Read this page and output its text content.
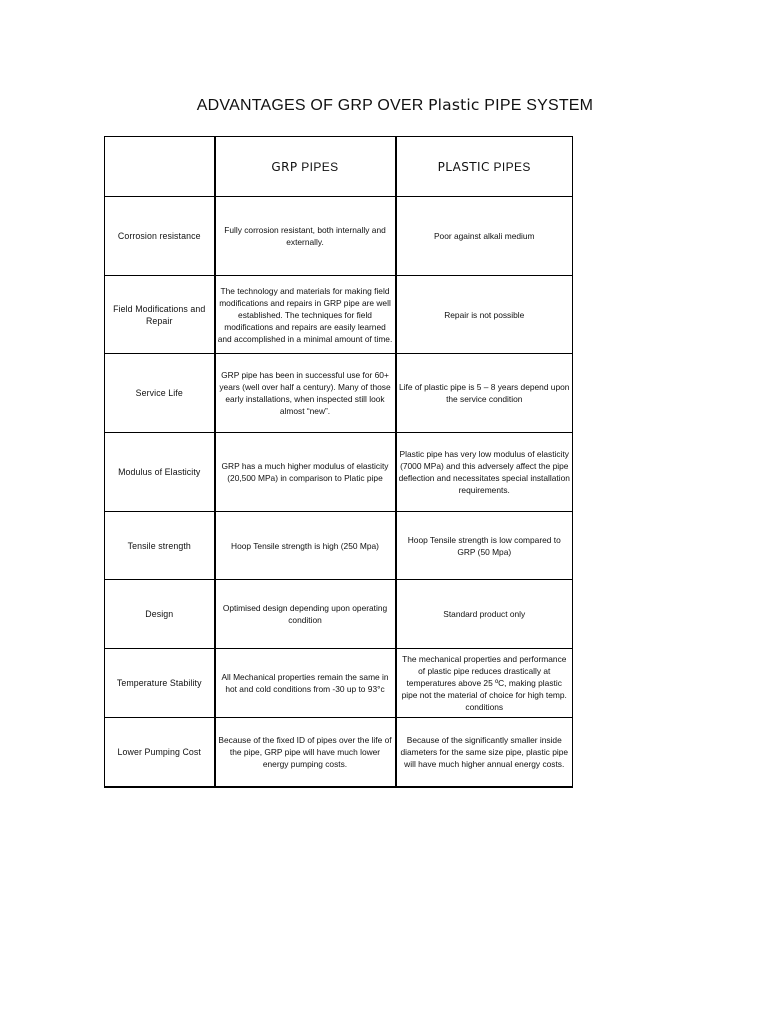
ADVANTAGES OF GRP OVER Plastic PIPE SYSTEM
	GRP PIPES	PLASTIC PIPES
Corrosion resistance	Fully corrosion resistant, both internally and externally.	Poor against alkali medium
Field Modifications and Repair	The technology and materials for making field modifications and repairs in GRP pipe are well established. The techniques for field modifications and repairs are easily learned and accomplished in a minimal amount of time.	Repair is not possible
Service Life	GRP pipe has been in successful use for 60+ years (well over half a century). Many of those early installations, when inspected still look almost “new”.	Life of plastic pipe is 5 – 8 years depend upon the service condition
Modulus of Elasticity	GRP has a much higher modulus of elasticity (20,500 MPa) in comparison to Platic pipe	Plastic pipe has very low modulus of elasticity (7000 MPa) and this adversely affect the pipe deflection and necessitates special installation requirements.
Tensile strength	Hoop Tensile strength is high (250 Mpa)	Hoop Tensile strength is low compared to GRP (50 Mpa)
Design	Optimised design depending upon operating condition	Standard product only
Temperature Stability	All Mechanical properties remain the same in hot and cold conditions from -30 up to 93°c	The mechanical properties and performance of plastic pipe reduces drastically at temperatures above 25 ºC, making plastic pipe not the material of choice for high temp. conditions
Lower Pumping Cost	Because of the fixed ID of pipes over the life of the pipe, GRP pipe will have much lower energy pumping costs.	Because of the significantly smaller inside diameters for the same size pipe, plastic pipe will have much higher annual energy costs.
